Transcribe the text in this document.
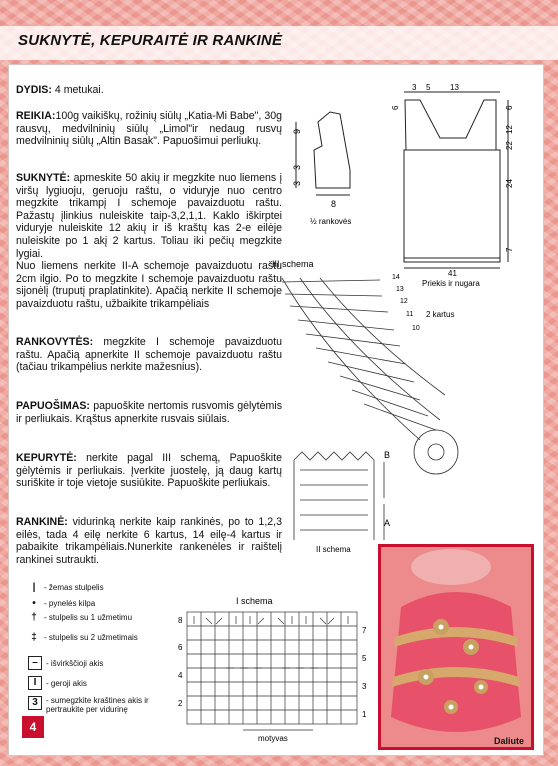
SUKNYTĖ, KEPURAITĖ IR RANKINĖ
DYDIS: 4 metukai.
REIKIA:100g vaikiškų, rožinių siūlų „Katia-Mi Babe", 30g rausvų, medvilninių siūlų „Limol"ir nedaug rusvų medvilninių siūlų „Altin Basak". Papuošimui perliukų.
SUKNYTĖ: apmeskite 50 akių ir megzkite nuo liemens į viršų lygiuoju, geruoju raštu, o viduryje nuo centro megzkite trikampį I schemoje pavaizduotu raštu. Pažastų įlinkius nuleiskite taip-3,2,1,1. Kaklo iškirptei viduryje nuleiskite 12 akių ir iš kraštų kas 2-e eilėje nuleiskite po 1 akį 2 kartus. Toliau iki pečių megzkite lygiai.
Nuo liemens nerkite II-A schemoje pavaizduotu raštu 2cm ilgio. Po to megzkite I schemoje pavaizduotu raštu sijonėlį (truputį praplatinkite). Apačią nerkite II schemoje pavaizduotu raštu, užbaikite trikampėliais
RANKOVYTĖS: megzkite I schemoje pavaizduotu raštu. Apačią apnerkite II schemoje pavaizduotu raštu (tačiau trikampėlius nerkite mažesnius).
PAPUOŠIMAS: papuoškite nertomis rusvomis gėlytėmis ir perliukais. Krąštus apnerkite rusvais siūlais.
KEPURYTĖ: nerkite pagal III schemą, Papuoškite gėlytėmis ir perliukais. Įverkite juostelę, ją daug kartų suriškite ir toje vietoje susiūkite. Papuoškite perliukais.
RANKINĖ: vidurinką nerkite kaip rankinės, po to 1,2,3 eilės, tada 4 eilę nerkite 6 kartus, 14 eilę-4 kartus ir pabaikite trikampėliais.Nunerkite rankenėles ir raištelį rankinei sutraukti.
|	- žemas stulpelis
•	- pynelės kilpa
† - stulpelis su 1 užmetimu
‡ - stulpelis su 2 užmetimais
–	- išvirkščioji akis
I	- geroji akis
3	- sumegzkite kraštines akis ir pertraukite per vidurinę
9
3
3
8
½ rankovės
3 5 13
6	6
12
22
24
7
41
Priekis ir nugara
III schema
14
13
12
11
10
2 kartus
B
A
II schema
I schema
8
7
6
5
4
3
2
1
motyvas
4
Daliute
